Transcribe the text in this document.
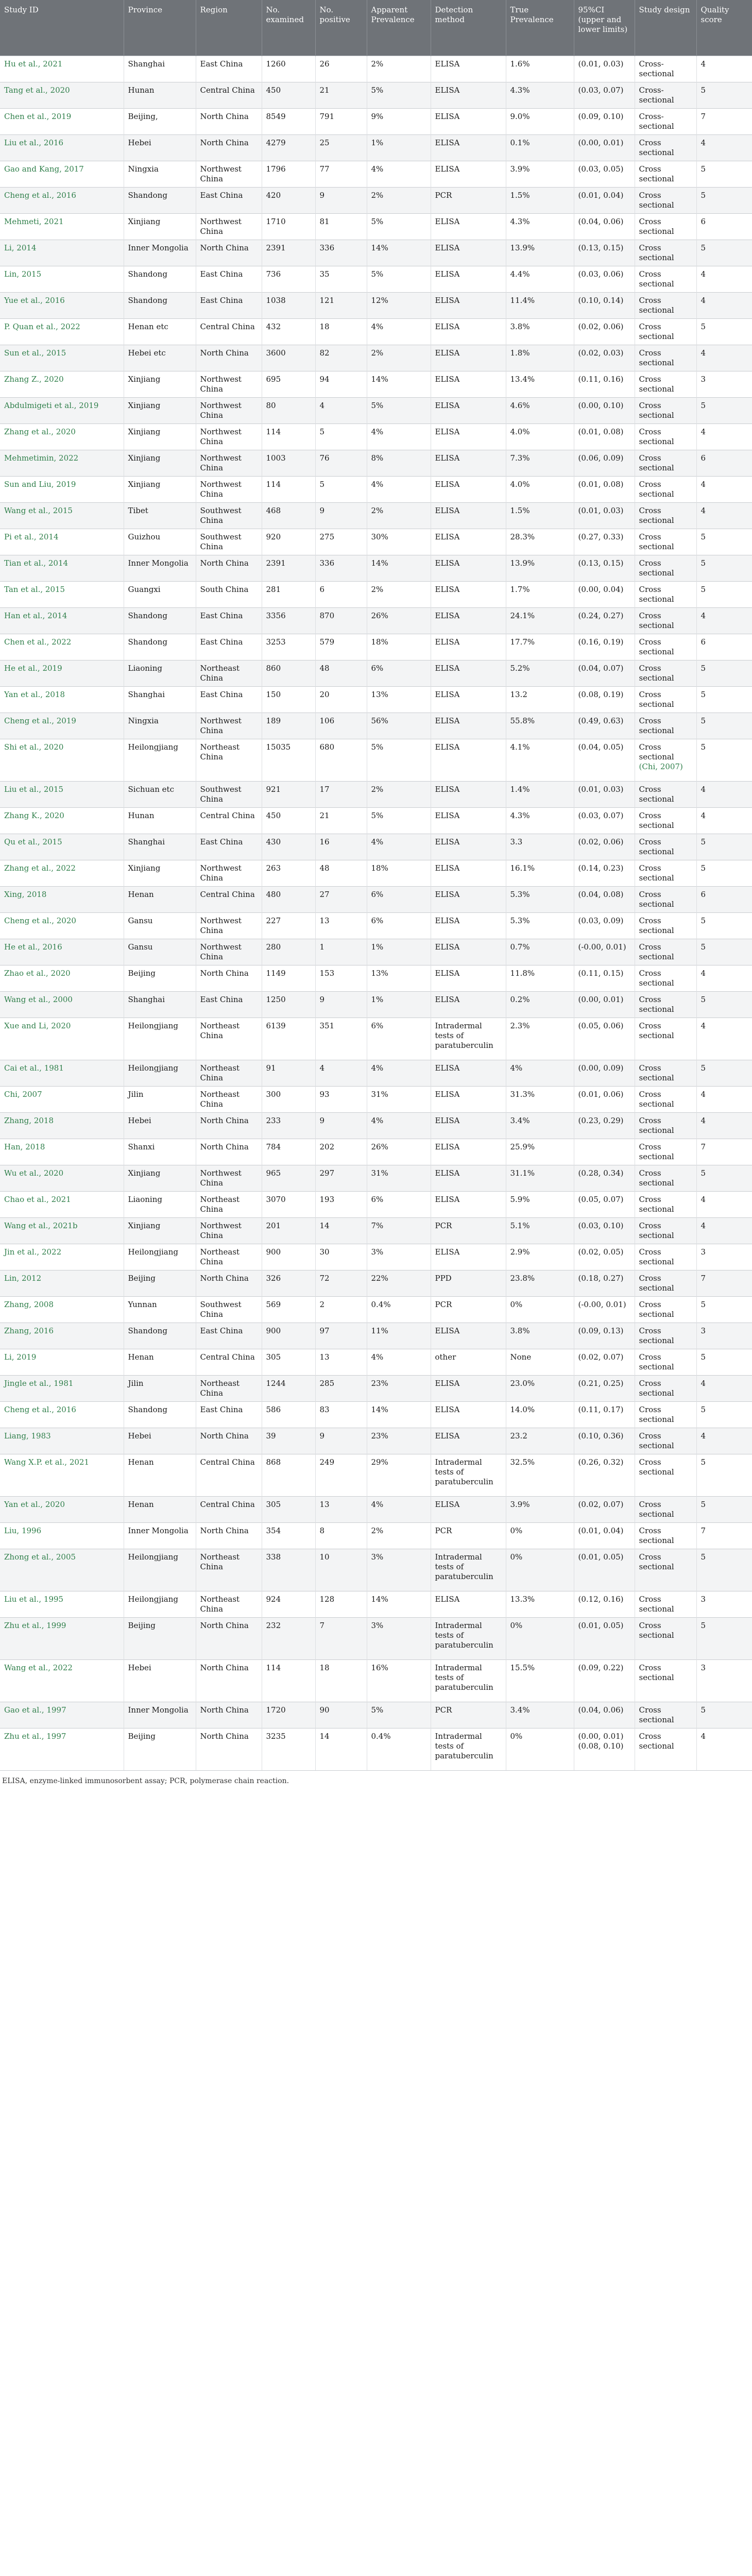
Study ID	Province	Region	No. examined	No. positive	Apparent Prevalence	Detection method	True Prevalence	95%CI (upper and lower limits)	Study design	Quality score
Hu et al., 2021	Shanghai	East China	1260	26	2%	ELISA	1.6%	(0.01, 0.03)	Cross-sectional	4
Tang et al., 2020	Hunan	Central China	450	21	5%	ELISA	4.3%	(0.03, 0.07)	Cross-sectional	5
Chen et al., 2019	Beijing,	North China	8549	791	9%	ELISA	9.0%	(0.09, 0.10)	Cross-sectional	7
Liu et al., 2016	Hebei	North China	4279	25	1%	ELISA	0.1%	(0.00, 0.01)	Cross sectional	4
Gao and Kang, 2017	Ningxia	Northwest China	1796	77	4%	ELISA	3.9%	(0.03, 0.05)	Cross sectional	5
Cheng et al., 2016	Shandong	East China	420	9	2%	PCR	1.5%	(0.01, 0.04)	Cross sectional	5
Mehmeti, 2021	Xinjiang	Northwest China	1710	81	5%	ELISA	4.3%	(0.04, 0.06)	Cross sectional	6
Li, 2014	Inner Mongolia	North China	2391	336	14%	ELISA	13.9%	(0.13, 0.15)	Cross sectional	5
Lin, 2015	Shandong	East China	736	35	5%	ELISA	4.4%	(0.03, 0.06)	Cross sectional	4
Yue et al., 2016	Shandong	East China	1038	121	12%	ELISA	11.4%	(0.10, 0.14)	Cross sectional	4
P. Quan et al., 2022	Henan etc	Central China	432	18	4%	ELISA	3.8%	(0.02, 0.06)	Cross sectional	5
Sun et al., 2015	Hebei etc	North China	3600	82	2%	ELISA	1.8%	(0.02, 0.03)	Cross sectional	4
Zhang Z., 2020	Xinjiang	Northwest China	695	94	14%	ELISA	13.4%	(0.11, 0.16)	Cross sectional	3
Abdulmigeti et al., 2019	Xinjiang	Northwest China	80	4	5%	ELISA	4.6%	(0.00, 0.10)	Cross sectional	5
Zhang et al., 2020	Xinjiang	Northwest China	114	5	4%	ELISA	4.0%	(0.01, 0.08)	Cross sectional	4
Mehmetimin, 2022	Xinjiang	Northwest China	1003	76	8%	ELISA	7.3%	(0.06, 0.09)	Cross sectional	6
Sun and Liu, 2019	Xinjiang	Northwest China	114	5	4%	ELISA	4.0%	(0.01, 0.08)	Cross sectional	4
Wang et al., 2015	Tibet	Southwest China	468	9	2%	ELISA	1.5%	(0.01, 0.03)	Cross sectional	4
Pi et al., 2014	Guizhou	Southwest China	920	275	30%	ELISA	28.3%	(0.27, 0.33)	Cross sectional	5
Tian et al., 2014	Inner Mongolia	North China	2391	336	14%	ELISA	13.9%	(0.13, 0.15)	Cross sectional	5
Tan et al., 2015	Guangxi	South China	281	6	2%	ELISA	1.7%	(0.00, 0.04)	Cross sectional	5
Han et al., 2014	Shandong	East China	3356	870	26%	ELISA	24.1%	(0.24, 0.27)	Cross sectional	4
Chen et al., 2022	Shandong	East China	3253	579	18%	ELISA	17.7%	(0.16, 0.19)	Cross sectional	6
He et al., 2019	Liaoning	Northeast China	860	48	6%	ELISA	5.2%	(0.04, 0.07)	Cross sectional	5
Yan et al., 2018	Shanghai	East China	150	20	13%	ELISA	13.2	(0.08, 0.19)	Cross sectional	5
Cheng et al., 2019	Ningxia	Northwest China	189	106	56%	ELISA	55.8%	(0.49, 0.63)	Cross sectional	5
Shi et al., 2020	Heilongjiang	Northeast China	15035	680	5%	ELISA	4.1%	(0.04, 0.05)	Cross sectional (Chi, 2007)	5
Liu et al., 2015	Sichuan etc	Southwest China	921	17	2%	ELISA	1.4%	(0.01, 0.03)	Cross sectional	4
Zhang K., 2020	Hunan	Central China	450	21	5%	ELISA	4.3%	(0.03, 0.07)	Cross sectional	4
Qu et al., 2015	Shanghai	East China	430	16	4%	ELISA	3.3	(0.02, 0.06)	Cross sectional	5
Zhang et al., 2022	Xinjiang	Northwest China	263	48	18%	ELISA	16.1%	(0.14, 0.23)	Cross sectional	5
Xing, 2018	Henan	Central China	480	27	6%	ELISA	5.3%	(0.04, 0.08)	Cross sectional	6
Cheng et al., 2020	Gansu	Northwest China	227	13	6%	ELISA	5.3%	(0.03, 0.09)	Cross sectional	5
He et al., 2016	Gansu	Northwest China	280	1	1%	ELISA	0.7%	(-0.00, 0.01)	Cross sectional	5
Zhao et al., 2020	Beijing	North China	1149	153	13%	ELISA	11.8%	(0.11, 0.15)	Cross sectional	4
Wang et al., 2000	Shanghai	East China	1250	9	1%	ELISA	0.2%	(0.00, 0.01)	Cross sectional	5
Xue and Li, 2020	Heilongjiang	Northeast China	6139	351	6%	Intradermal tests of paratuberculin	2.3%	(0.05, 0.06)	Cross sectional	4
Cai et al., 1981	Heilongjiang	Northeast China	91	4	4%	ELISA	4%	(0.00, 0.09)	Cross sectional	5
Chi, 2007	Jilin	Northeast China	300	93	31%	ELISA	31.3%	(0.01, 0.06)	Cross sectional	4
Zhang, 2018	Hebei	North China	233	9	4%	ELISA	3.4%	(0.23, 0.29)	Cross sectional	4
Han, 2018	Shanxi	North China	784	202	26%	ELISA	25.9%		Cross sectional	7
Wu et al., 2020	Xinjiang	Northwest China	965	297	31%	ELISA	31.1%	(0.28, 0.34)	Cross sectional	5
Chao et al., 2021	Liaoning	Northeast China	3070	193	6%	ELISA	5.9%	(0.05, 0.07)	Cross sectional	4
Wang et al., 2021b	Xinjiang	Northwest China	201	14	7%	PCR	5.1%	(0.03, 0.10)	Cross sectional	4
Jin et al., 2022	Heilongjiang	Northeast China	900	30	3%	ELISA	2.9%	(0.02, 0.05)	Cross sectional	3
Lin, 2012	Beijing	North China	326	72	22%	PPD	23.8%	(0.18, 0.27)	Cross sectional	7
Zhang, 2008	Yunnan	Southwest China	569	2	0.4%	PCR	0%	(-0.00, 0.01)	Cross sectional	5
Zhang, 2016	Shandong	East China	900	97	11%	ELISA	3.8%	(0.09, 0.13)	Cross sectional	3
Li, 2019	Henan	Central China	305	13	4%	other	None	(0.02, 0.07)	Cross sectional	5
Jingle et al., 1981	Jilin	Northeast China	1244	285	23%	ELISA	23.0%	(0.21, 0.25)	Cross sectional	4
Cheng et al., 2016	Shandong	East China	586	83	14%	ELISA	14.0%	(0.11, 0.17)	Cross sectional	5
Liang, 1983	Hebei	North China	39	9	23%	ELISA	23.2	(0.10, 0.36)	Cross sectional	4
Wang X.P. et al., 2021	Henan	Central China	868	249	29%	Intradermal tests of paratuberculin	32.5%	(0.26, 0.32)	Cross sectional	5
Yan et al., 2020	Henan	Central China	305	13	4%	ELISA	3.9%	(0.02, 0.07)	Cross sectional	5
Liu, 1996	Inner Mongolia	North China	354	8	2%	PCR	0%	(0.01, 0.04)	Cross sectional	7
Zhong et al., 2005	Heilongjiang	Northeast China	338	10	3%	Intradermal tests of paratuberculin	0%	(0.01, 0.05)	Cross sectional	5
Liu et al., 1995	Heilongjiang	Northeast China	924	128	14%	ELISA	13.3%	(0.12, 0.16)	Cross sectional	3
Zhu et al., 1999	Beijing	North China	232	7	3%	Intradermal tests of paratuberculin	0%	(0.01, 0.05)	Cross sectional	5
Wang et al., 2022	Hebei	North China	114	18	16%	Intradermal tests of paratuberculin	15.5%	(0.09, 0.22)	Cross sectional	3
Gao et al., 1997	Inner Mongolia	North China	1720	90	5%	PCR	3.4%	(0.04, 0.06)	Cross sectional	5
Zhu et al., 1997	Beijing	North China	3235	14	0.4%	Intradermal tests of paratuberculin	0%	(0.00, 0.01) (0.08, 0.10)	Cross sectional	4
ELISA, enzyme-linked immunosorbent assay; PCR, polymerase chain reaction.
